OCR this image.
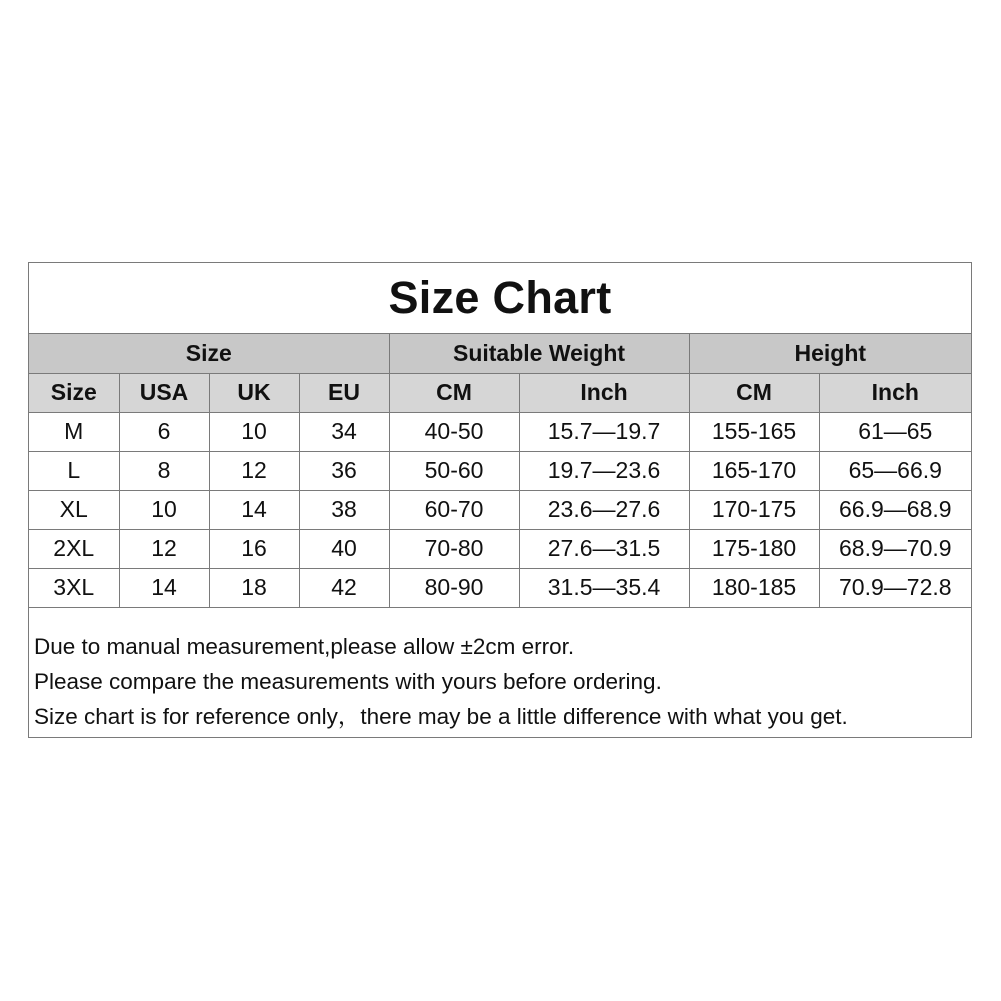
Size Chart
Size				Suitable Weight		Height	
Size	USA	UK	EU	CM	Inch	CM	Inch
M	6	10	34	40-50	15.7—19.7	155-165	61—65
L	8	12	36	50-60	19.7—23.6	165-170	65—66.9
XL	10	14	38	60-70	23.6—27.6	170-175	66.9—68.9
2XL	12	16	40	70-80	27.6—31.5	175-180	68.9—70.9
3XL	14	18	42	80-90	31.5—35.4	180-185	70.9—72.8
Due to manual measurement,please allow ±2cm error.
Please compare the measurements with yours before ordering.
Size chart is for reference only，there may be a little difference with what you get.
